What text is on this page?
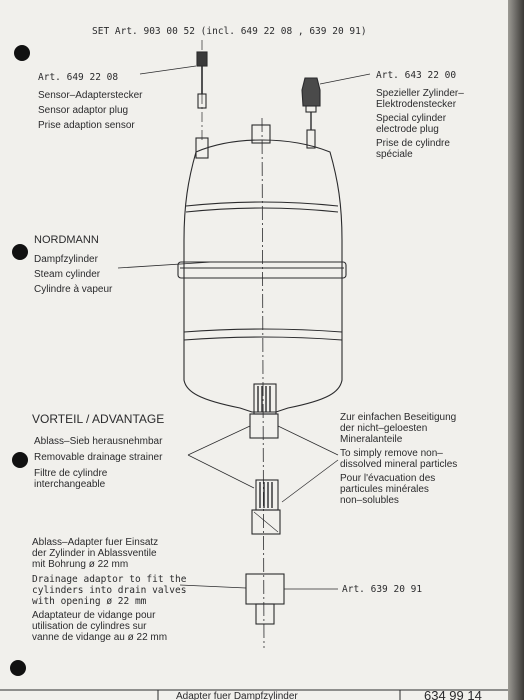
SET Art. 903 00 52 (incl. 649 22 08 , 639 20 91)
Art. 649 22 08
Sensor–Adapterstecker
Sensor adaptor plug
Prise adaption sensor
Art. 643 22 00
Spezieller Zylinder–
Elektrodenstecker
Special cylinder
electrode plug
Prise de cylindre
spéciale
NORDMANN
Dampfzylinder
Steam cylinder
Cylindre à vapeur
VORTEIL / ADVANTAGE
Ablass–Sieb herausnehmbar
Removable drainage strainer
Filtre de cylindre
interchangeable
Zur einfachen Beseitigung
der nicht–geloesten
Mineralanteile
To simply remove non–
dissolved mineral particles
Pour l'évacuation des
particules minérales
non–solubles
Ablass–Adapter fuer Einsatz
der Zylinder in Ablassventile
mit Bohrung ø 22 mm
Drainage adaptor to fit the
cylinders into drain valves
with opening ø 22 mm
Adaptateur de vidange pour
utilisation de cylindres sur
vanne de vidange au ø 22 mm
Art. 639 20 91
Adapter fuer Dampfzylinder	634 99 14
